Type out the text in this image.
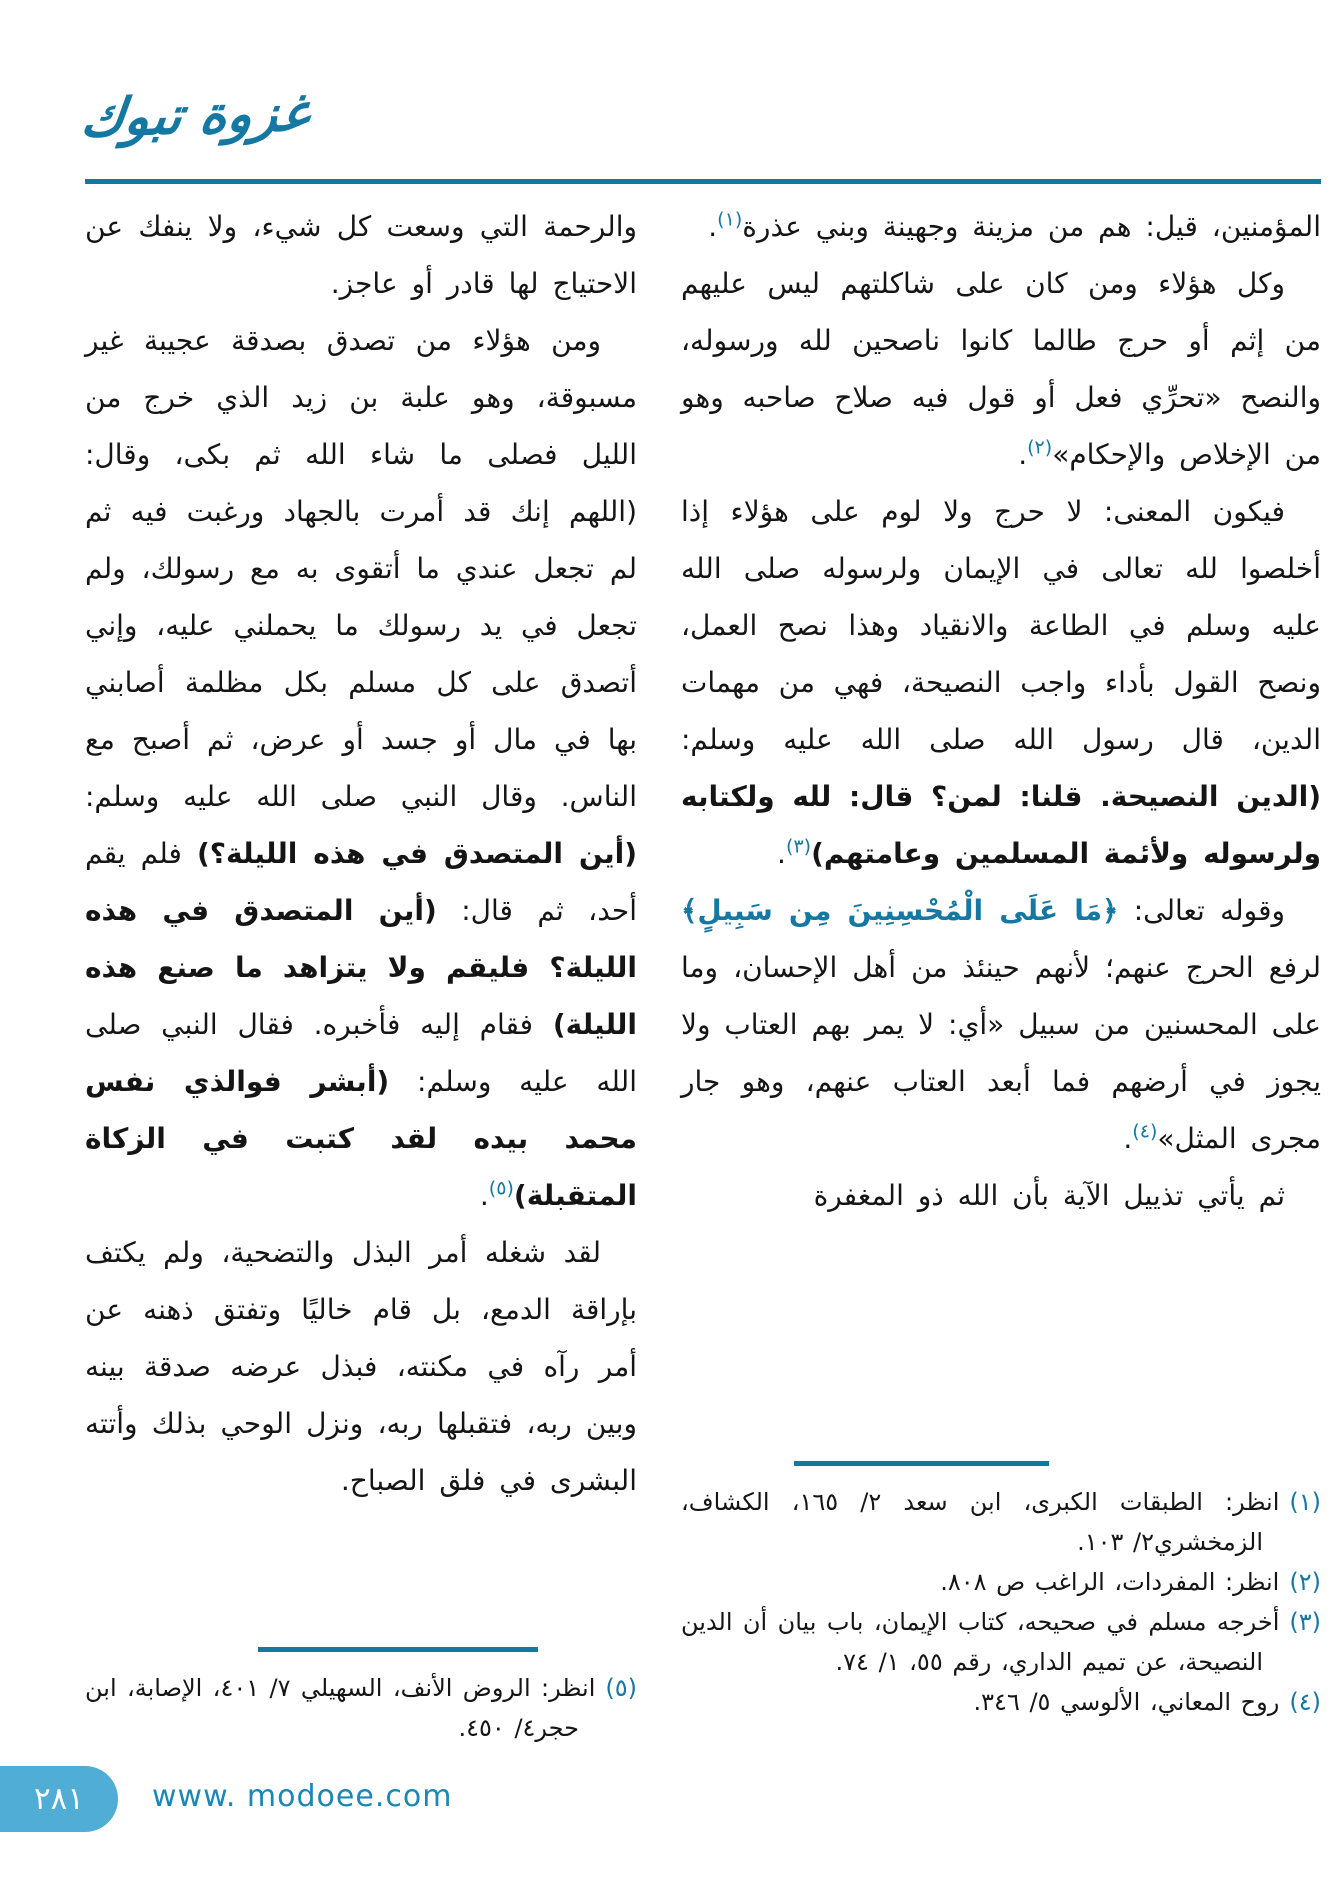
غزوة تبوك

المؤمنين، قيل: هم من مزينة وجهينة وبني عذرة$^{(١)}$.

وكل هؤلاء ومن كان على شاكلتهم ليس عليهم من إثم أو حرج طالما كانوا ناصحين لله ورسوله، والنصح «تحرِّي فعل أو قول فيه صلاح صاحبه وهو من الإخلاص والإحكام»$^{(٢)}$.

فيكون المعنى: لا حرج ولا لوم على هؤلاء إذا أخلصوا لله تعالى في الإيمان ولرسوله صلى الله عليه وسلم في الطاعة والانقياد وهذا نصح العمل، ونصح القول بأداء واجب النصيحة، فهي من مهمات الدين، قال رسول الله صلى الله عليه وسلم: (الدين النصيحة. قلنا: لمن؟ قال: لله ولكتابه ولرسوله ولأئمة المسلمين وعامتهم)$^{(٣)}$.

وقوله تعالى: ﴿مَا عَلَى الْمُحْسِنِينَ مِن سَبِيلٍ﴾ لرفع الحرج عنهم؛ لأنهم حينئذ من أهل الإحسان، وما على المحسنين من سبيل «أي: لا يمر بهم العتاب ولا يجوز في أرضهم فما أبعد العتاب عنهم، وهو جار مجرى المثل»$^{(٤)}$.

ثم يأتي تذييل الآية بأن الله ذو المغفرة

(١)انظر: الطبقات الكبرى، ابن سعد ٢/ ١٦٥، الكشاف، الزمخشري٢/ ١٠٣.

(٢)انظر: المفردات، الراغب ص ٨٠٨.

(٣)أخرجه مسلم في صحيحه، كتاب الإيمان، باب بيان أن الدين النصيحة، عن تميم الداري، رقم ٥٥، ١/ ٧٤.

(٤)روح المعاني، الألوسي ٥/ ٣٤٦.

والرحمة التي وسعت كل شيء، ولا ينفك عن الاحتياج لها قادر أو عاجز.

ومن هؤلاء من تصدق بصدقة عجيبة غير مسبوقة، وهو علبة بن زيد الذي خرج من الليل فصلى ما شاء الله ثم بكى، وقال: (اللهم إنك قد أمرت بالجهاد ورغبت فيه ثم لم تجعل عندي ما أتقوى به مع رسولك، ولم تجعل في يد رسولك ما يحملني عليه، وإني أتصدق على كل مسلم بكل مظلمة أصابني بها في مال أو جسد أو عرض، ثم أصبح مع الناس. وقال النبي صلى الله عليه وسلم: (أين المتصدق في هذه الليلة؟) فلم يقم أحد، ثم قال: (أين المتصدق في هذه الليلة؟ فليقم ولا يتزاهد ما صنع هذه الليلة) فقام إليه فأخبره. فقال النبي صلى الله عليه وسلم: (أبشر فوالذي نفس محمد بيده لقد كتبت في الزكاة المتقبلة)$^{(٥)}$.

لقد شغله أمر البذل والتضحية، ولم يكتف بإراقة الدمع، بل قام خاليًا وتفتق ذهنه عن أمر رآه في مكنته، فبذل عرضه صدقة بينه وبين ربه، فتقبلها ربه، ونزل الوحي بذلك وأتته البشرى في فلق الصباح.

(٥)انظر: الروض الأنف، السهيلي ٧/ ٤٠١، الإصابة، ابن حجر٤/ ٤٥٠.

٢٨١ www. modoee.com
